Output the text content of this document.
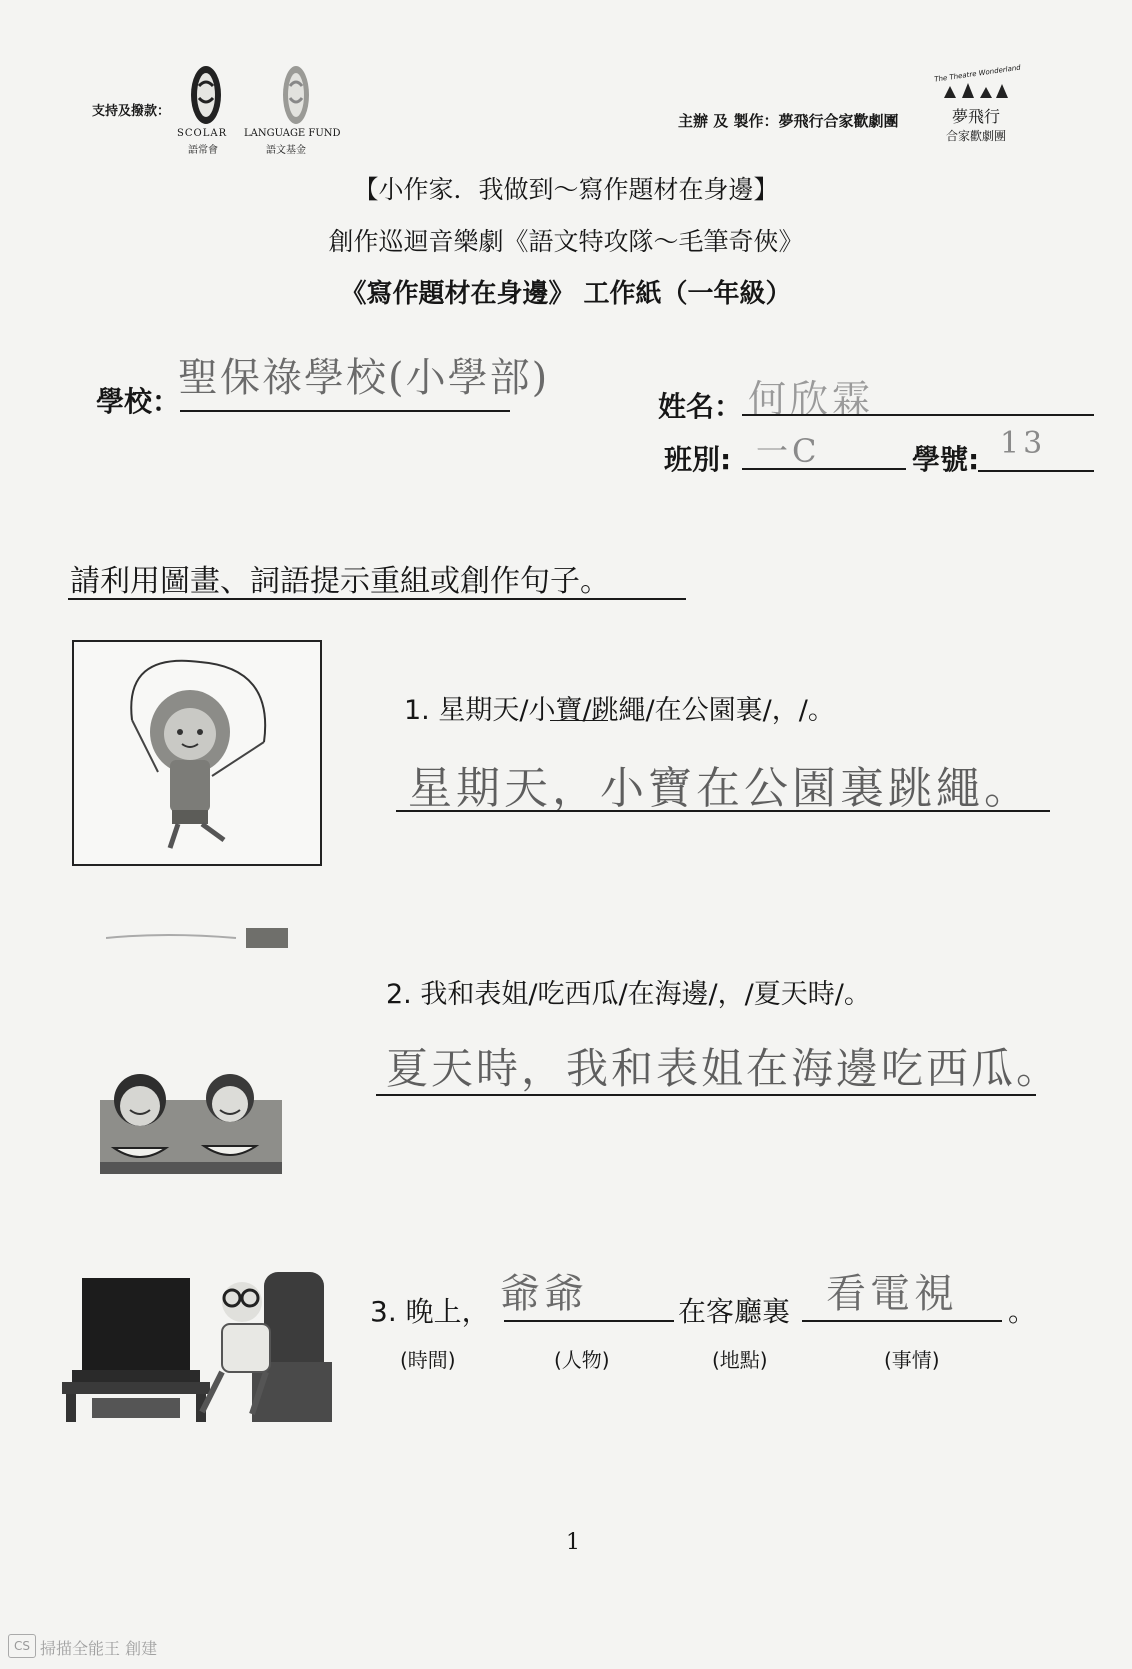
支持及撥款：
SCOLAR
語常會
LANGUAGE FUND
語文基金
主辦 及 製作：夢飛行合家歡劇團
The Theatre Wonderland
夢飛行
合家歡劇團
【小作家．我做到～寫作題材在身邊】
創作巡迴音樂劇《語文特攻隊～毛筆奇俠》
《寫作題材在身邊》 工作紙（一年級）
學校：
聖保祿學校(小學部)
姓名： 何欣霖
班別: 一C	學號: 13
請利用圖畫、詞語提示重組或創作句子。
1. 星期天/小寶/跳繩/在公園裏/，/。
星期天，小寶在公園裏跳繩。
2. 我和表姐/吃西瓜/在海邊/，/夏天時/。
夏天時，我和表姐在海邊吃西瓜。
3. 晚上， 爺爺	在客廳裏 看電視 。
(時間)	(人物)	(地點)	(事情)
1
CS 掃描全能王 創建
